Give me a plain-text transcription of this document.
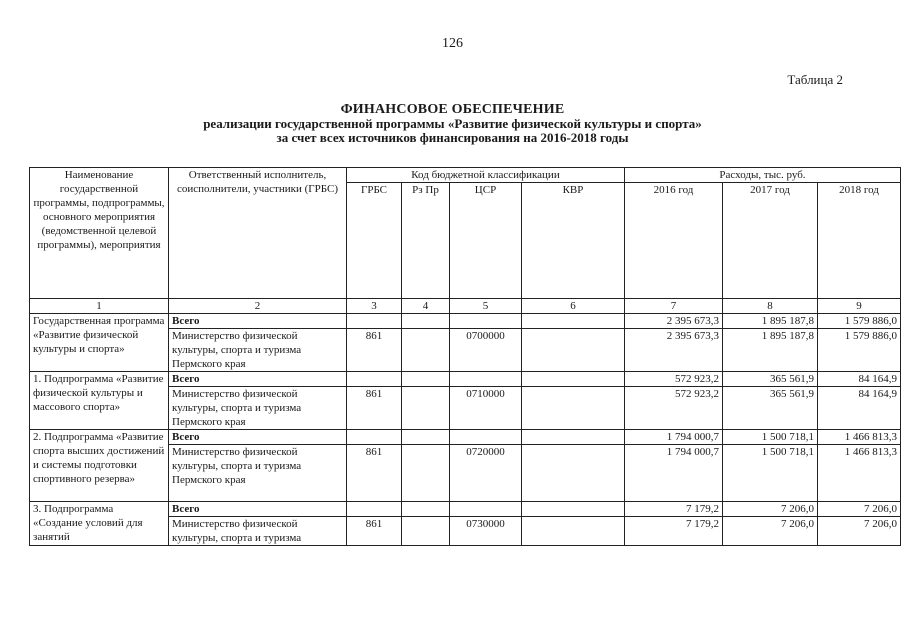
126
Таблица 2
ФИНАНСОВОЕ ОБЕСПЕЧЕНИЕ
реализации государственной программы «Развитие физической культуры и спорта»
за счет всех источников финансирования на 2016-2018 годы
Наименование государственной программы, подпрограммы, основного мероприятия (ведомственной целевой программы), мероприятия	Ответственный исполнитель, соисполнители, участники (ГРБС)	Код бюджетной классификации				Расходы, тыс. руб.		
		ГРБС	Рз Пр	ЦСР	КВР	2016 год	2017 год	2018 год
1	2	3	4	5	6	7	8	9
Государственная программа «Развитие физической культуры и спорта»	Всего					2 395 673,3	1 895 187,8	1 579 886,0
	Министерство физической культуры, спорта и туризма Пермского края	861		0700000		2 395 673,3	1 895 187,8	1 579 886,0
1. Подпрограмма «Развитие физической культуры и массового спорта»	Всего					572 923,2	365 561,9	84 164,9
	Министерство физической культуры, спорта и туризма Пермского края	861		0710000		572 923,2	365 561,9	84 164,9
2. Подпрограмма «Развитие спорта высших достижений и системы подготовки спортивного резерва»	Всего					1 794 000,7	1 500 718,1	1 466 813,3
	Министерство физической культуры, спорта и туризма Пермского края	861		0720000		1 794 000,7	1 500 718,1	1 466 813,3
3. Подпрограмма «Создание условий для занятий	Всего					7 179,2	7 206,0	7 206,0
	Министерство физической культуры, спорта и туризма	861		0730000		7 179,2	7 206,0	7 206,0
